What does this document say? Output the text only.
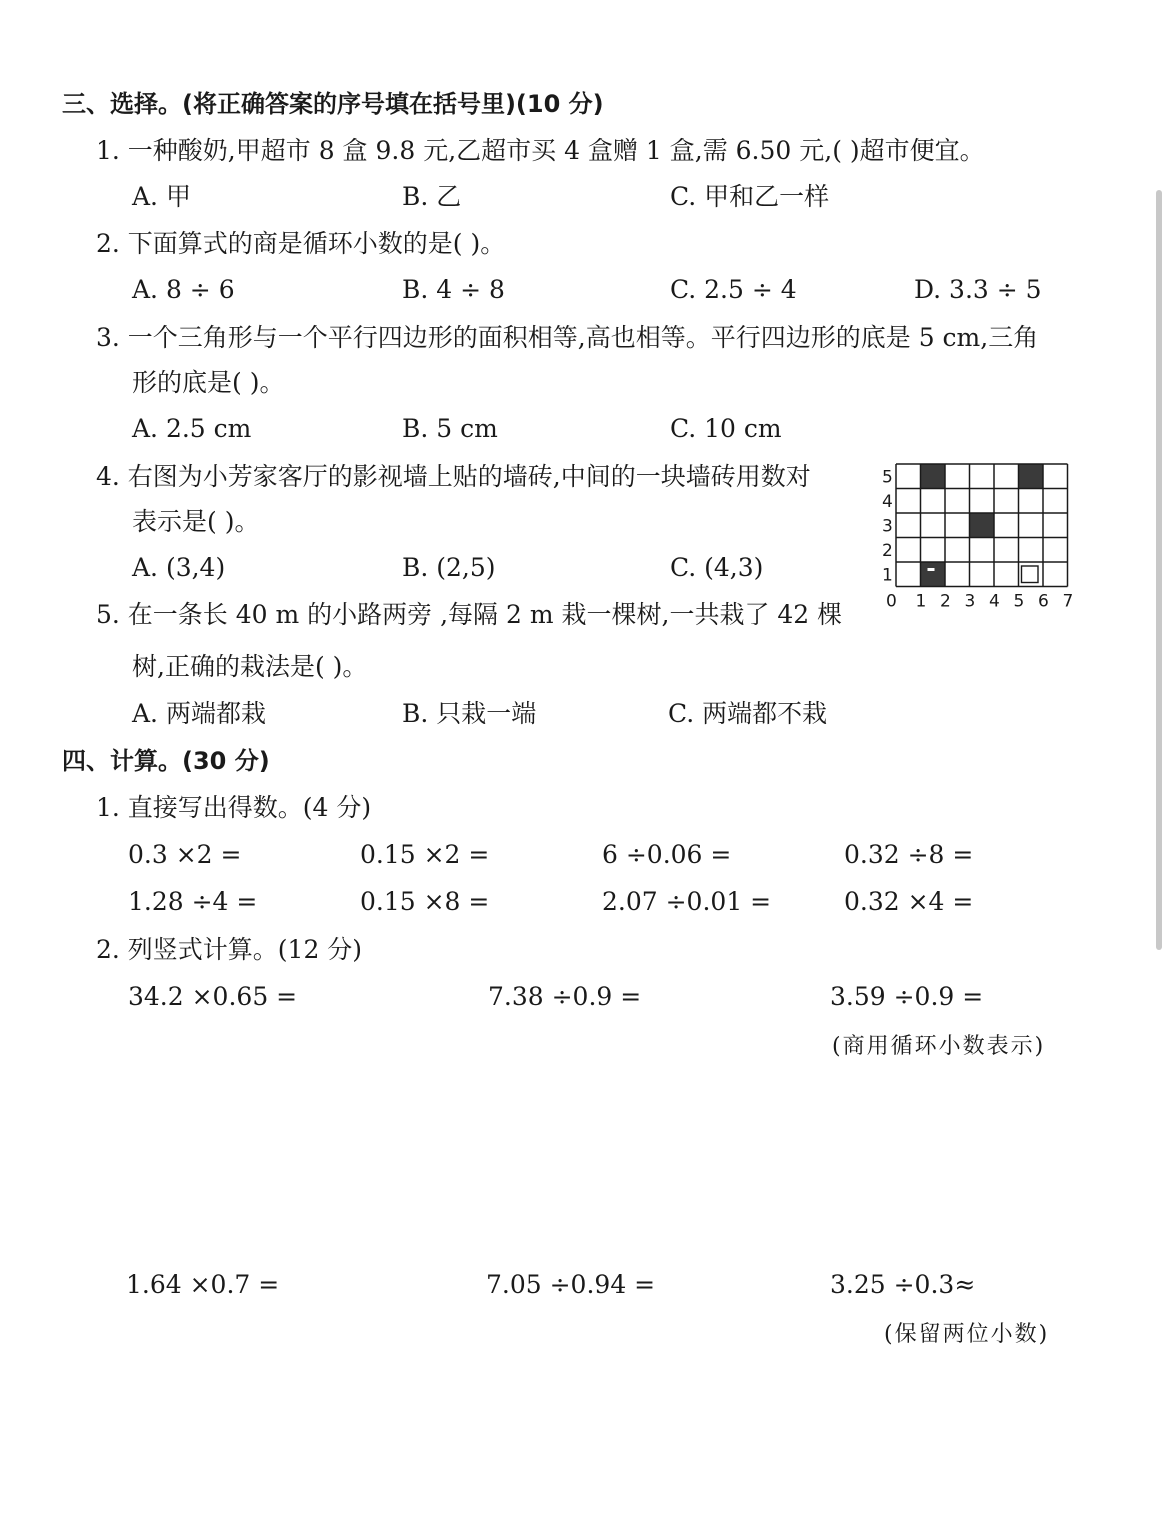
三、选择。(将正确答案的序号填在括号里)(10 分)
1. 一种酸奶,甲超市 8 盒 9.8 元,乙超市买 4 盒赠 1 盒,需 6.50 元,( )超市便宜。
A. 甲	B. 乙	C. 甲和乙一样
2. 下面算式的商是循环小数的是( )。
A. 8 ÷ 6	B. 4 ÷ 8	C. 2.5 ÷ 4	D. 3.3 ÷ 5
3. 一个三角形与一个平行四边形的面积相等,高也相等。平行四边形的底是 5 cm,三角
形的底是( )。
A. 2.5 cm	B. 5 cm	C. 10 cm
4. 右图为小芳家客厅的影视墙上贴的墙砖,中间的一块墙砖用数对
表示是( )。
A. (3,4)	B. (2,5)	C. (4,3)
0 1 2 3 4 5 6 7
1
2
3
4
5
5. 在一条长 40 m 的小路两旁 ,每隔 2 m 栽一棵树,一共栽了 42 棵
树,正确的栽法是( )。
A. 两端都栽	B. 只栽一端	C. 两端都不栽
四、计算。(30 分)
1. 直接写出得数。(4 分)
0.3 ×2 =	0.15 ×2 =	6 ÷0.06 =	0.32 ÷8 =
1.28 ÷4 =	0.15 ×8 =	2.07 ÷0.01 =	0.32 ×4 =
2. 列竖式计算。(12 分)
34.2 ×0.65 =	7.38 ÷0.9 =	3.59 ÷0.9 =
(商用循环小数表示)
1.64 ×0.7 =	7.05 ÷0.94 =	3.25 ÷0.3≈
(保留两位小数)
